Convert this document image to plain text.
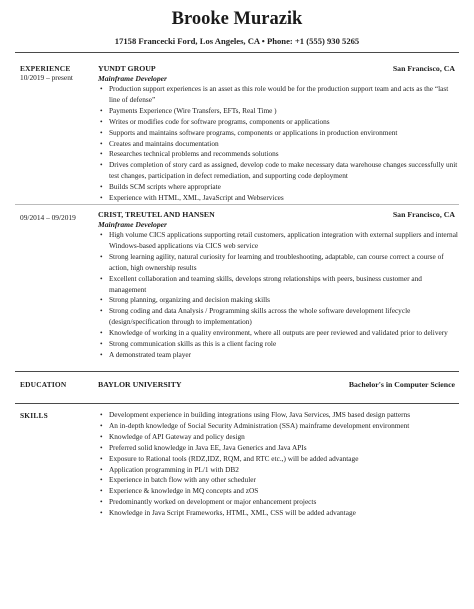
Brooke Murazik
17158 Francecki Ford, Los Angeles, CA • Phone: +1 (555) 930 5265
EXPERIENCE
10/2019 – present
YUNDT GROUP	San Francisco, CA
Mainframe Developer
• Production support experiences is an asset as this role would be for the production support team and acts as the “last line of defense”
• Payments Experience (Wire Transfers, EFTs, Real Time )
• Writes or modifies code for software programs, components or applications
• Supports and maintains software programs, components or applications in production environment
• Creates and maintains documentation
• Researches technical problems and recommends solutions
• Drives completion of story card as assigned, develop code to make necessary data warehouse changes successfully unit test changes, participation in defect remediation, and supporting code deployment
• Builds SCM scripts where appropriate
• Experience with HTML, XML, JavaScript and Webservices
09/2014 – 09/2019	CRIST, TREUTEL AND HANSEN	San Francisco, CA
Mainframe Developer
• High volume CICS applications supporting retail customers, application integration with external suppliers and internal Windows-based applications via CICS web service
• Strong learning agility, natural curiosity for learning and troubleshooting, adaptable, can course correct a course of action, high ownership results
• Excellent collaboration and teaming skills, develops strong relationships with peers, business customer and management
• Strong planning, organizing and decision making skills
• Strong coding and data Analysis / Programming skills across the whole software development lifecycle (design/specification through to implementation)
• Knowledge of working in a quality environment, where all outputs are peer reviewed and validated prior to delivery
• Strong communication skills as this is a client facing role
• A demonstrated team player
EDUCATION	BAYLOR UNIVERSITY	Bachelor's in Computer Science
SKILLS
•	Development experience in building integrations using Flow, Java Services, JMS based design patterns
• An in-depth knowledge of Social Security Administration (SSA) mainframe development environment
• Knowledge of API Gateway and policy design
• Preferred solid knowledge in Java EE, Java Generics and Java APIs
• Exposure to Rational tools (RDZ,IDZ, RQM, and RTC etc.,) will be added advantage
• Application programming in PL/1 with DB2
• Experience in batch flow with any other scheduler
• Experience & knowledge in MQ concepts and zOS
• Predominantly worked on development or major enhancement projects
• Knowledge in Java Script Frameworks, HTML, XML, CSS will be added advantage
